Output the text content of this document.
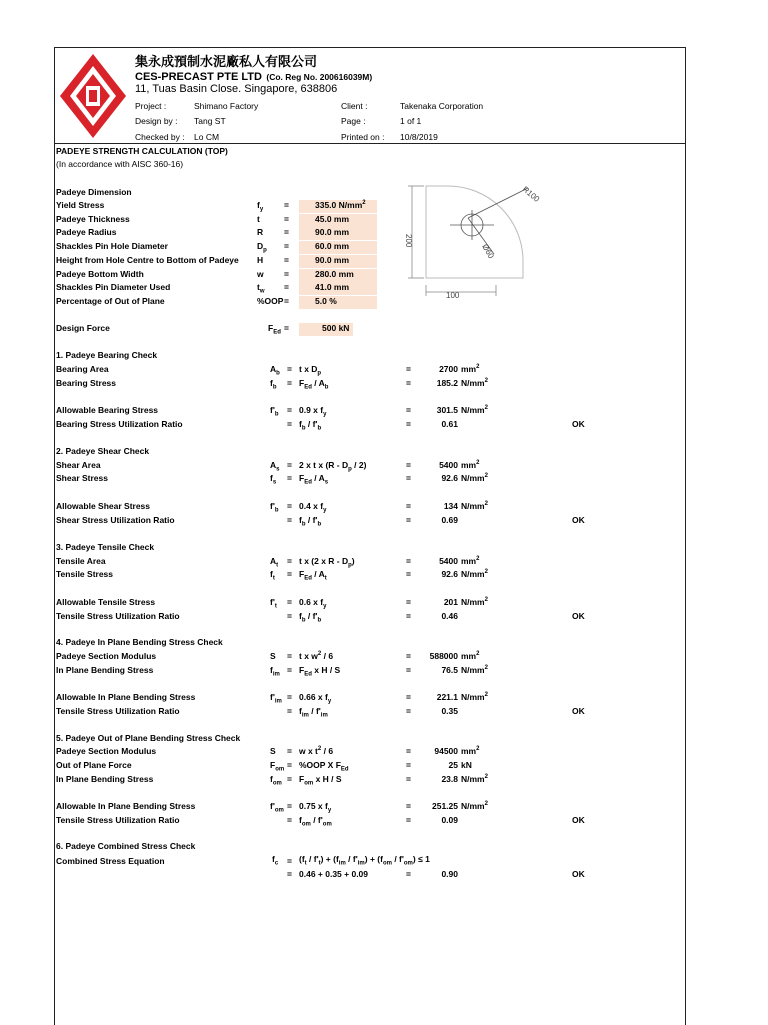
集永成預制水泥廠私人有限公司
CES-PRECAST PTE LTD (Co. Reg No. 200616039M)
11, Tuas Basin Close. Singapore, 638806
Project :	Shimano Factory
Design by : Tang ST
Checked by : Lo CM
Client :	Takenaka Corporation
Page :	1 of 1
Printed on : 10/8/2019
PADEYE STRENGTH CALCULATION (TOP)
(In accordance with AISC 360-16)
200
100
R100
Ø60
Padeye Dimension
Yield Stress	$f_y$ =	335.0 $N/mm^2$
Padeye Thickness	t	=	45.0 mm
Padeye Radius	R =	90.0 mm
Shackles Pin Hole Diameter	$D_p$ =	60.0 mm
Height from Hole Centre to Bottom of Padeye H =	90.0 mm
Padeye Bottom Width	w =	280.0 mm
Shackles Pin Diameter Used	$t_w$ =	41.0 mm
Percentage of Out of Plane	%OOP =	5.0 %
Design Force	$F_{Ed}$ =	500 kN
1. Padeye Bearing Check
Bearing Area	$A_b = t$ x $D_p$	=	2700 $mm^2$
Bearing Stress	$f_b = F_{Ed} / A_b$	=	185.2 $N/mm^2$
Allowable Bearing Stress	$f'_b = 0.9$ x $f_y$	=	301.5 $N/mm^2$
Bearing Stress Utilization Ratio	= $f_b / f'_b$	=	0.61	OK
2. Padeye Shear Check
Shear Area	$A_s = 2$ x t x $(R - D_p / 2)$	=	5400 $mm^2$
Shear Stress	$f_s = F_{Ed} / A_s$	=	92.6 $N/mm^2$
Allowable Shear Stress	$f'_b = 0.4$ x $f_y$	=	134 $N/mm^2$
Shear Stress Utilization Ratio	= $f_b / f'_b$	=	0.69	OK
3. Padeye Tensile Check
Tensile Area	$A_t = t$ x (2 x R - $D_p$)	=	5400 $mm^2$
Tensile Stress	$f_t = F_{Ed} / A_t$	=	92.6 $N/mm^2$
Allowable Tensile Stress	$f'_t = 0.6$ x $f_y$	=	201 $N/mm^2$
Tensile Stress Utilization Ratio	= $f_b / f'_b$	=	0.46	OK
4. Padeye In Plane Bending Stress Check
Padeye Section Modulus	S = t x $w^2 / 6$	=	588000 $mm^2$
In Plane Bending Stress	$f_{im} = F_{Ed}$ x H / S	=	76.5 $N/mm^2$
Allowable In Plane Bending Stress	$f'_{im} = 0.66$ x $f_y$	=	221.1 $N/mm^2$
Tensile Stress Utilization Ratio	= $f_{im} / f'_{im}$	=	0.35	OK
5. Padeye Out of Plane Bending Stress Check
Padeye Section Modulus	S = w x $t^2 / 6$	=	94500 $mm^2$
Out of Plane Force	$F_{om} = \%OOP$ X $F_{Ed}$	=	25 kN
In Plane Bending Stress	$f_{om} = F_{om}$ x H / S	=	23.8 $N/mm^2$
Allowable In Plane Bending Stress	$f'_{om} = 0.75$ x $f_y$	=	251.25 $N/mm^2$
Tensile Stress Utilization Ratio	= $f_{om} / f'_{om}$	=	0.09	OK
6. Padeye Combined Stress Check
Combined Stress Equation	$f_c = (f_t / f'_t) + (f_{im} / f'_{im}) + (f_{om} / f'_{om}) \le 1$
= 0.46 + 0.35 + 0.09	=	0.90	OK
